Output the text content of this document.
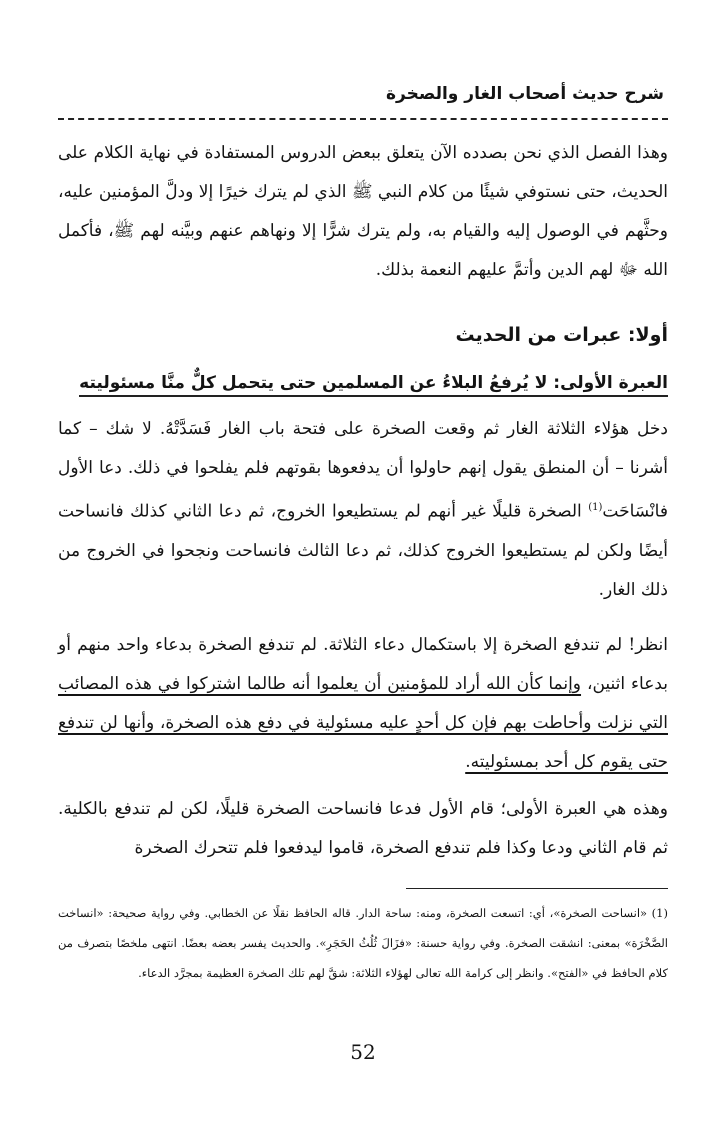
شرح حديث أصحاب الغار والصخرة

وهذا الفصل الذي نحن بصدده الآن يتعلق ببعض الدروس المستفادة في نهاية الكلام على الحديث، حتى نستوفي شيئًا من كلام النبي ﷺ الذي لم يترك خيرًا إلا ودلَّ المؤمنين عليه، وحثَّهم في الوصول إليه والقيام به، ولم يترك شرًّا إلا ونهاهم عنهم وبيَّنه لهم ﷺ، فأكمل الله ﷻ لهم الدين وأتمَّ عليهم النعمة بذلك.

أولا: عبرات من الحديث
العبرة الأولى: لا يُرفعُ البلاءُ عن المسلمين حتى يتحمل كلٌّ منَّا مسئوليته

دخل هؤلاء الثلاثة الغار ثم وقعت الصخرة على فتحة باب الغار فَسَدَّتْهُ. لا شك – كما أشرنا – أن المنطق يقول إنهم حاولوا أن يدفعوها بقوتهم فلم يفلحوا في ذلك. دعا الأول فانْسَاحَت$^{(1)}$ الصخرة قليلًا غير أنهم لم يستطيعوا الخروج، ثم دعا الثاني كذلك فانساحت أيضًا ولكن لم يستطيعوا الخروج كذلك، ثم دعا الثالث فانساحت ونجحوا في الخروج من ذلك الغار.

انظر! لم تندفع الصخرة إلا باستكمال دعاء الثلاثة. لم تندفع الصخرة بدعاء واحد منهم أو بدعاء اثنين، وإنما كأن الله أراد للمؤمنين أن يعلموا أنه طالما اشتركوا في هذه المصائب التي نزلت وأحاطت بهم فإن كل أحدٍ عليه مسئولية في دفع هذه الصخرة، وأنها لن تندفع حتى يقوم كل أحد بمسئوليته.

وهذه هي العبرة الأولى؛ قام الأول فدعا فانساحت الصخرة قليلًا، لكن لم تندفع بالكلية. ثم قام الثاني ودعا وكذا فلم تندفع الصخرة، قاموا ليدفعوا فلم تتحرك الصخرة

(1) «انساحت الصخرة»، أي: اتسعت الصخرة، ومنه: ساحة الدار. قاله الحافظ نقلًا عن الخطابي. وفي رواية صحيحة: «انساخت الصَّخْرَة» بمعنى: انشقت الصخرة. وفي رواية حسنة: «فزَالَ ثُلُثُ الحَجَرِ». والحديث يفسر بعضه بعضًا. انتهى ملخصًا بتصرف من كلام الحافظ في «الفتح». وانظر إلى كرامة الله تعالى لهؤلاء الثلاثة: شقَّ لهم تلك الصخرة العظيمة بمجرَّد الدعاء.

52
